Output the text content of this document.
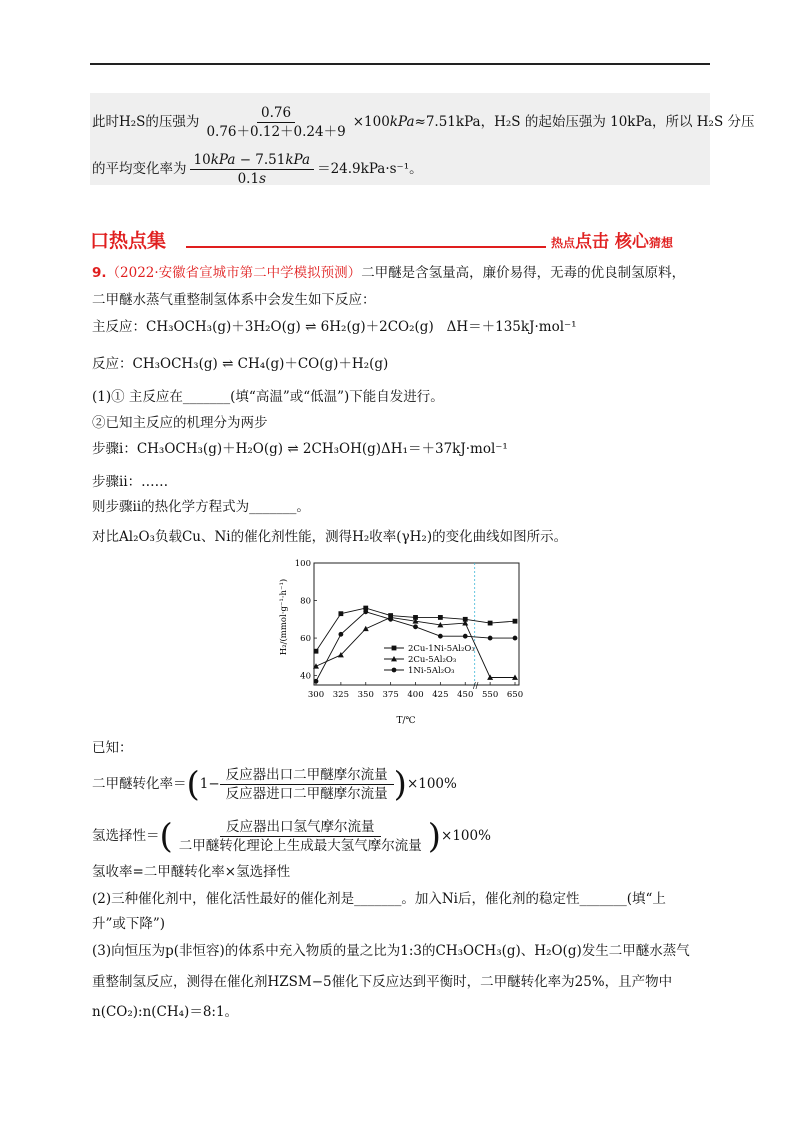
此时H₂S的压强为 $\frac{0.76}{0.76+0.12+0.24+9} \times 100kPa\approx 7.51kPa$，H₂S 的起始压强为 10kPa，所以 H₂S 分压
的平均变化率为 $\frac{\text{10kPa − 7.51kPa}}{0.1s} =24.9kPa\cdot s^{-1}$。
口热点集	热点点击 核心猜想
9.（2022·安徽省宣城市第二中学模拟预测）二甲醚是含氢量高，廉价易得，无毒的优良制氢原料，
二甲醚水蒸气重整制氢体系中会发生如下反应：
主反应：CH₃OCH₃(g)＋3H₂O(g) ⇌ 6H₂(g)＋2CO₂(g) ΔH＝＋135kJ·mol⁻¹
反应：CH₃OCH₃(g) ⇌ CH₄(g)＋CO(g)＋H₂(g)
(1)① 主反应在_______(填“高温”或“低温”)下能自发进行。
②已知主反应的机理分为两步
步骤ⅰ：CH₃OCH₃(g)＋H₂O(g) ⇌ 2CH₃OH(g)ΔH₁＝＋37kJ·mol⁻¹
步骤ⅱ：……
则步骤ⅱ的热化学方程式为_______。
对比Al₂O₃负载Cu、Ni的催化剂性能，测得H₂收率(γH₂)的变化曲线如图所示。
H₂/(mmol·g⁻¹·h⁻¹)
T/℃
//
40
60
80
100
300 325 350 375 400 425 450 550 650
2Cu-1Ni-5Al₂O₃
2Cu-5Al₂O₃
1Ni-5Al₂O₃
已知：
二甲醚转化率$=(1- \frac{\text{反应器出口二甲醚摩尔流量}}{\text{反应器进口二甲醚摩尔流量}} )\times 100\%$
氢选择性＝( $\frac{\text{反应器出口氢气摩尔流量}}{\text{二甲醚转化理论上生成最大氢气摩尔流量}} )\times 100\%$
氢收率=二甲醚转化率×氢选择性
(2)三种催化剂中，催化活性最好的催化剂是_______。加入Ni后，催化剂的稳定性_______(填“上
升”或下降”)
(3)向恒压为p(非恒容)的体系中充入物质的量之比为1:3的CH₃OCH₃(g)、H₂O(g)发生二甲醚水蒸气
重整制氢反应，测得在催化剂HZSM−5催化下反应达到平衡时，二甲醚转化率为25%，且产物中
n(CO₂):n(CH₄)＝8:1。
